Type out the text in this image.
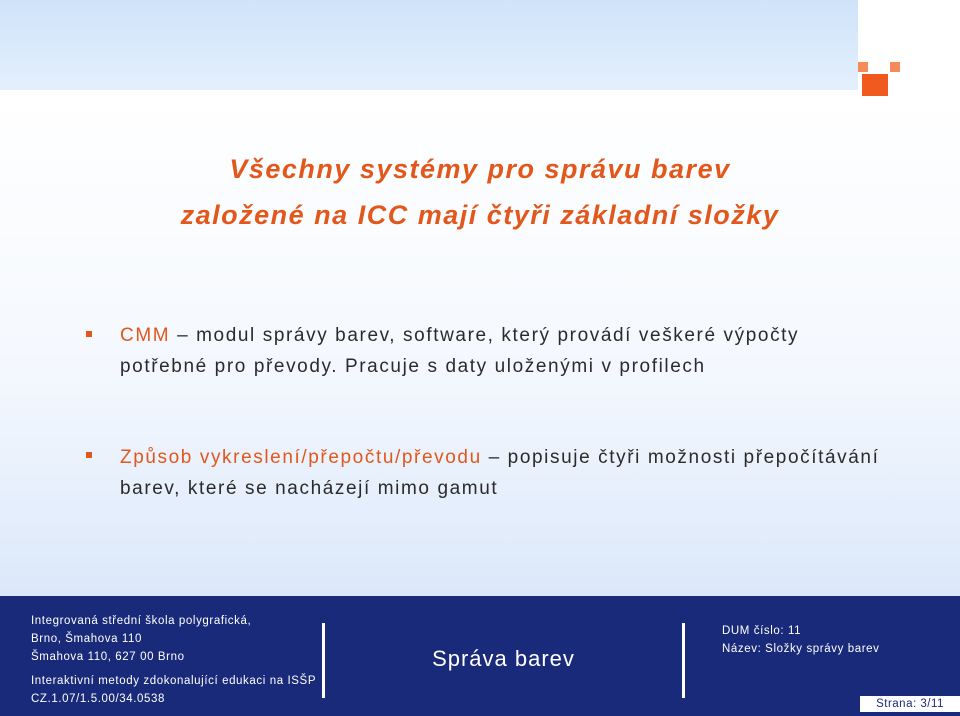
Všechny systémy pro správu barev
založené na ICC mají čtyři základní složky
CMM – modul správy barev, software, který provádí veškeré výpočty potřebné pro převody. Pracuje s daty uloženými v profilech
Způsob vykreslení/přepočtu/převodu – popisuje čtyři možnosti přepočítávání barev, které se nacházejí mimo gamut
Integrovaná střední škola polygrafická,
Brno, Šmahova 110
Šmahova 110, 627 00 Brno
Interaktivní metody zdokonalující edukaci na ISŠP
CZ.1.07/1.5.00/34.0538
Správa barev
DUM číslo: 11
Název: Složky správy barev
Strana: 3/11
